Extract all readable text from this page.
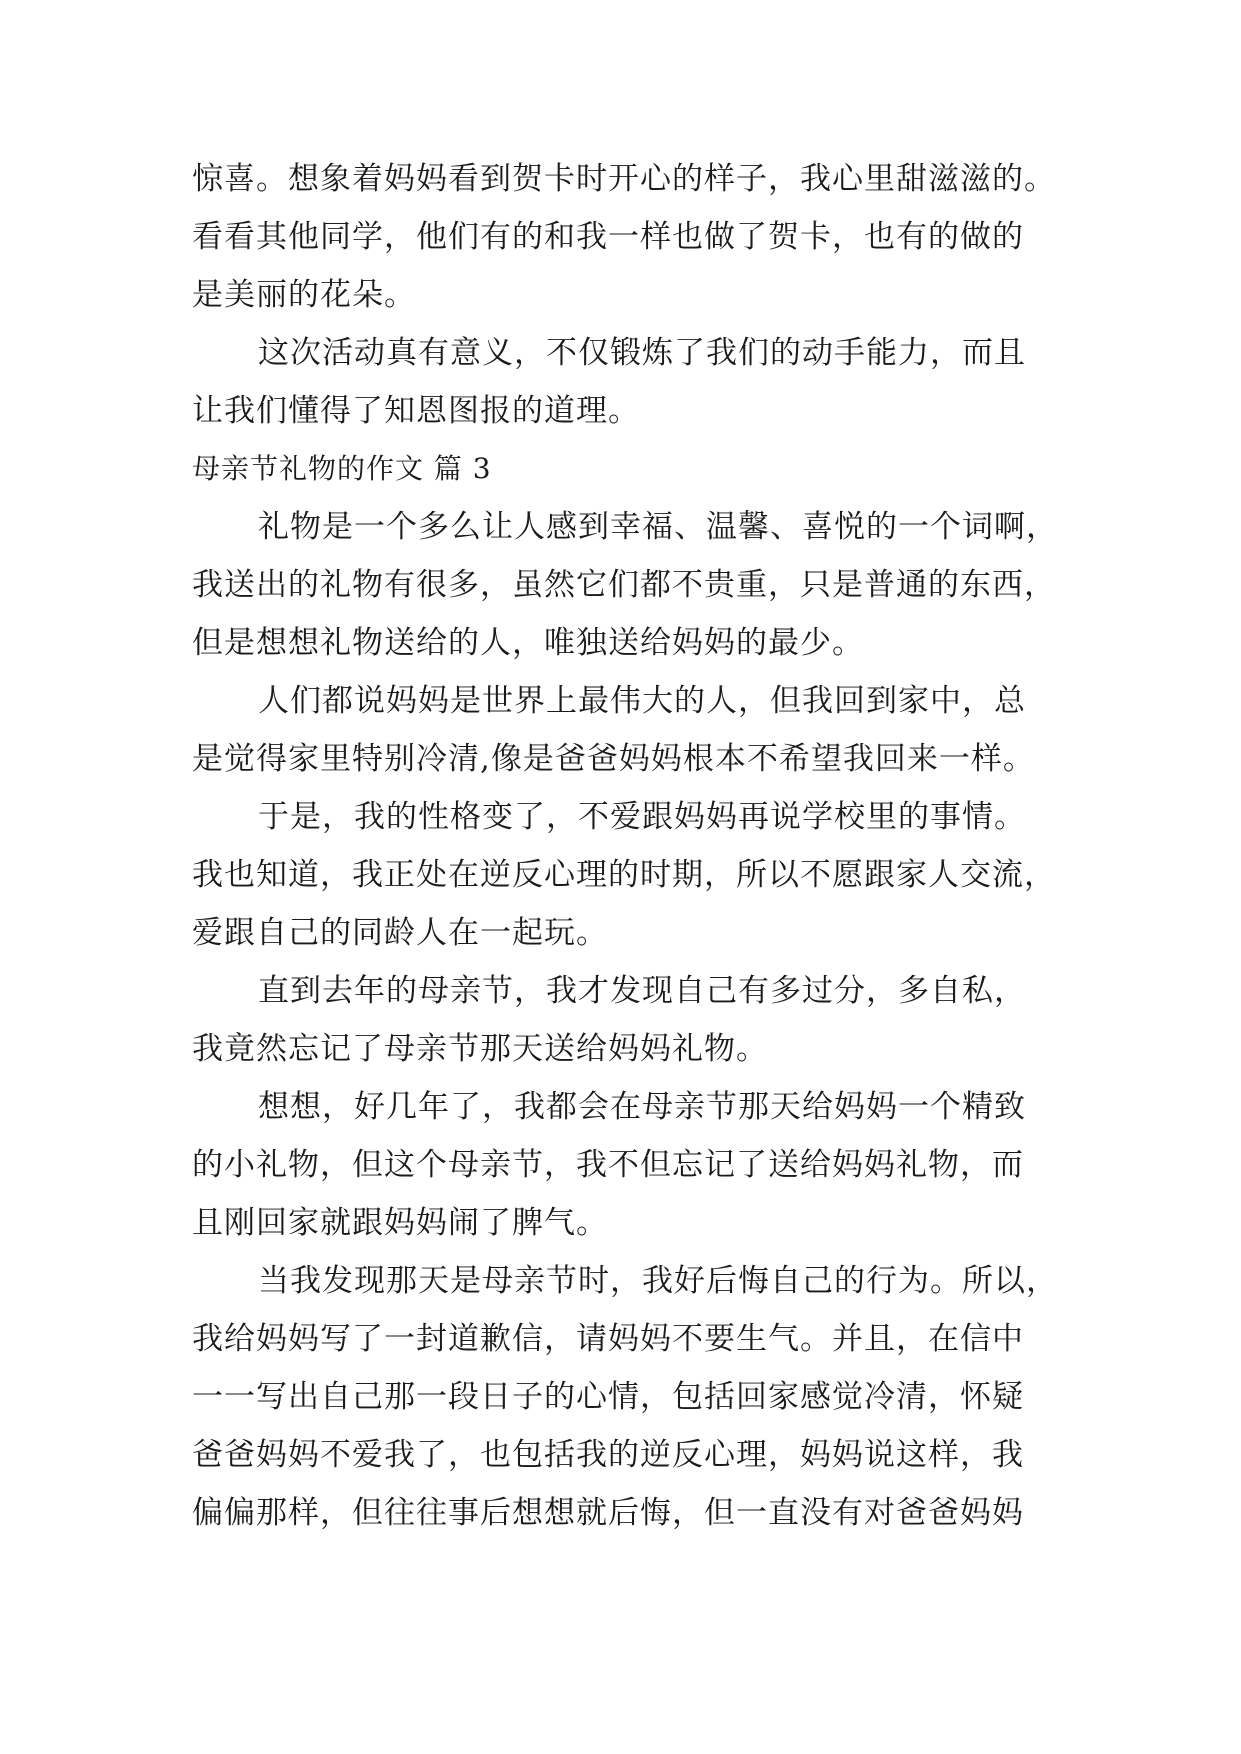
惊喜。想象着妈妈看到贺卡时开心的样子，我心里甜滋滋的。
看看其他同学，他们有的和我一样也做了贺卡，也有的做的
是美丽的花朵。
这次活动真有意义，不仅锻炼了我们的动手能力，而且
让我们懂得了知恩图报的道理。
母亲节礼物的作文 篇 3
礼物是一个多么让人感到幸福、温馨、喜悦的一个词啊，
我送出的礼物有很多，虽然它们都不贵重，只是普通的东西，
但是想想礼物送给的人，唯独送给妈妈的最少。
人们都说妈妈是世界上最伟大的人，但我回到家中，总
是觉得家里特别冷清,像是爸爸妈妈根本不希望我回来一样。
于是，我的性格变了，不爱跟妈妈再说学校里的事情。
我也知道，我正处在逆反心理的时期，所以不愿跟家人交流，
爱跟自己的同龄人在一起玩。
直到去年的母亲节，我才发现自己有多过分，多自私，
我竟然忘记了母亲节那天送给妈妈礼物。
想想，好几年了，我都会在母亲节那天给妈妈一个精致
的小礼物，但这个母亲节，我不但忘记了送给妈妈礼物，而
且刚回家就跟妈妈闹了脾气。
当我发现那天是母亲节时，我好后悔自己的行为。所以，
我给妈妈写了一封道歉信，请妈妈不要生气。并且，在信中
一一写出自己那一段日子的心情，包括回家感觉冷清，怀疑
爸爸妈妈不爱我了，也包括我的逆反心理，妈妈说这样，我
偏偏那样，但往往事后想想就后悔，但一直没有对爸爸妈妈
